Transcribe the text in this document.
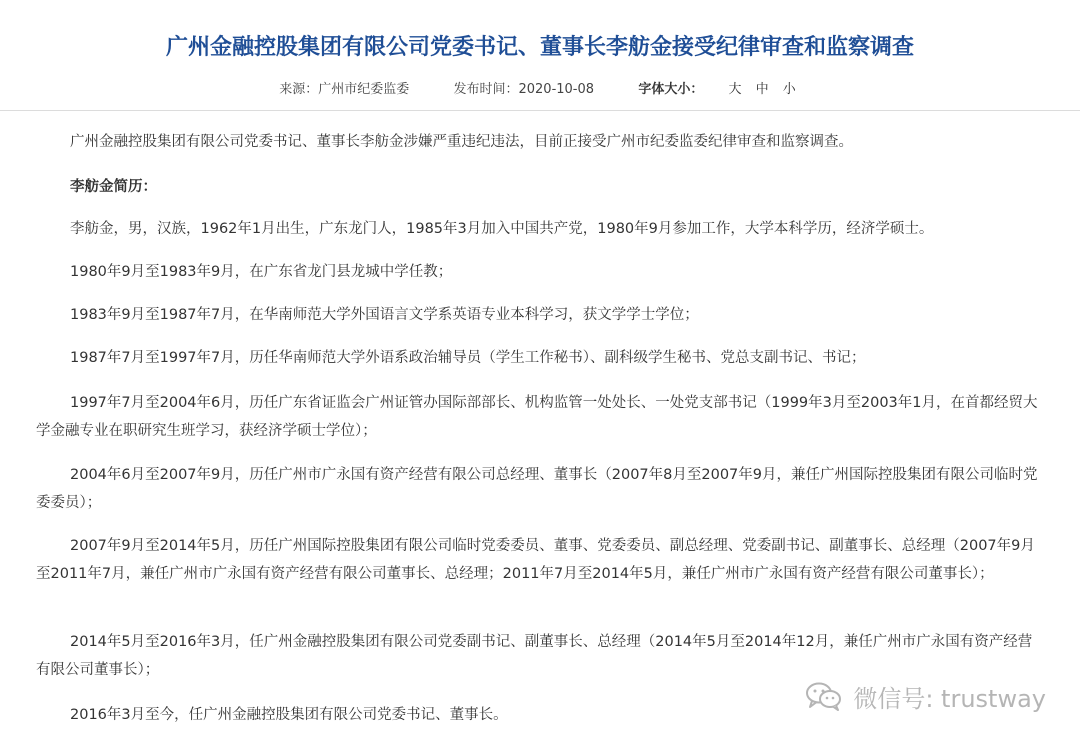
广州金融控股集团有限公司党委书记、董事长李舫金接受纪律审查和监察调查
来源：广州市纪委监委	发布时间：2020-10-08	字体大小： 大 中 小

广州金融控股集团有限公司党委书记、董事长李舫金涉嫌严重违纪违法，目前正接受广州市纪委监委纪律审查和监察调查。

李舫金简历：

李舫金，男，汉族，1962年1月出生，广东龙门人，1985年3月加入中国共产党，1980年9月参加工作，大学本科学历，经济学硕士。

1980年9月至1983年9月，在广东省龙门县龙城中学任教；

1983年9月至1987年7月，在华南师范大学外国语言文学系英语专业本科学习，获文学学士学位；

1987年7月至1997年7月，历任华南师范大学外语系政治辅导员（学生工作秘书）、副科级学生秘书、党总支副书记、书记；

1997年7月至2004年6月，历任广东省证监会广州证管办国际部部长、机构监管一处处长、一处党支部书记（1999年3月至2003年1月，在首都经贸大学金融专业在职研究生班学习，获经济学硕士学位）；

2004年6月至2007年9月，历任广州市广永国有资产经营有限公司总经理、董事长（2007年8月至2007年9月，兼任广州国际控股集团有限公司临时党委委员）；

2007年9月至2014年5月，历任广州国际控股集团有限公司临时党委委员、董事、党委委员、副总经理、党委副书记、副董事长、总经理（2007年9月至2011年7月，兼任广州市广永国有资产经营有限公司董事长、总经理；2011年7月至2014年5月，兼任广州市广永国有资产经营有限公司董事长）；

2014年5月至2016年3月，任广州金融控股集团有限公司党委副书记、副董事长、总经理（2014年5月至2014年12月，兼任广州市广永国有资产经营有限公司董事长）；

2016年3月至今，任广州金融控股集团有限公司党委书记、董事长。

微信号: trustway
